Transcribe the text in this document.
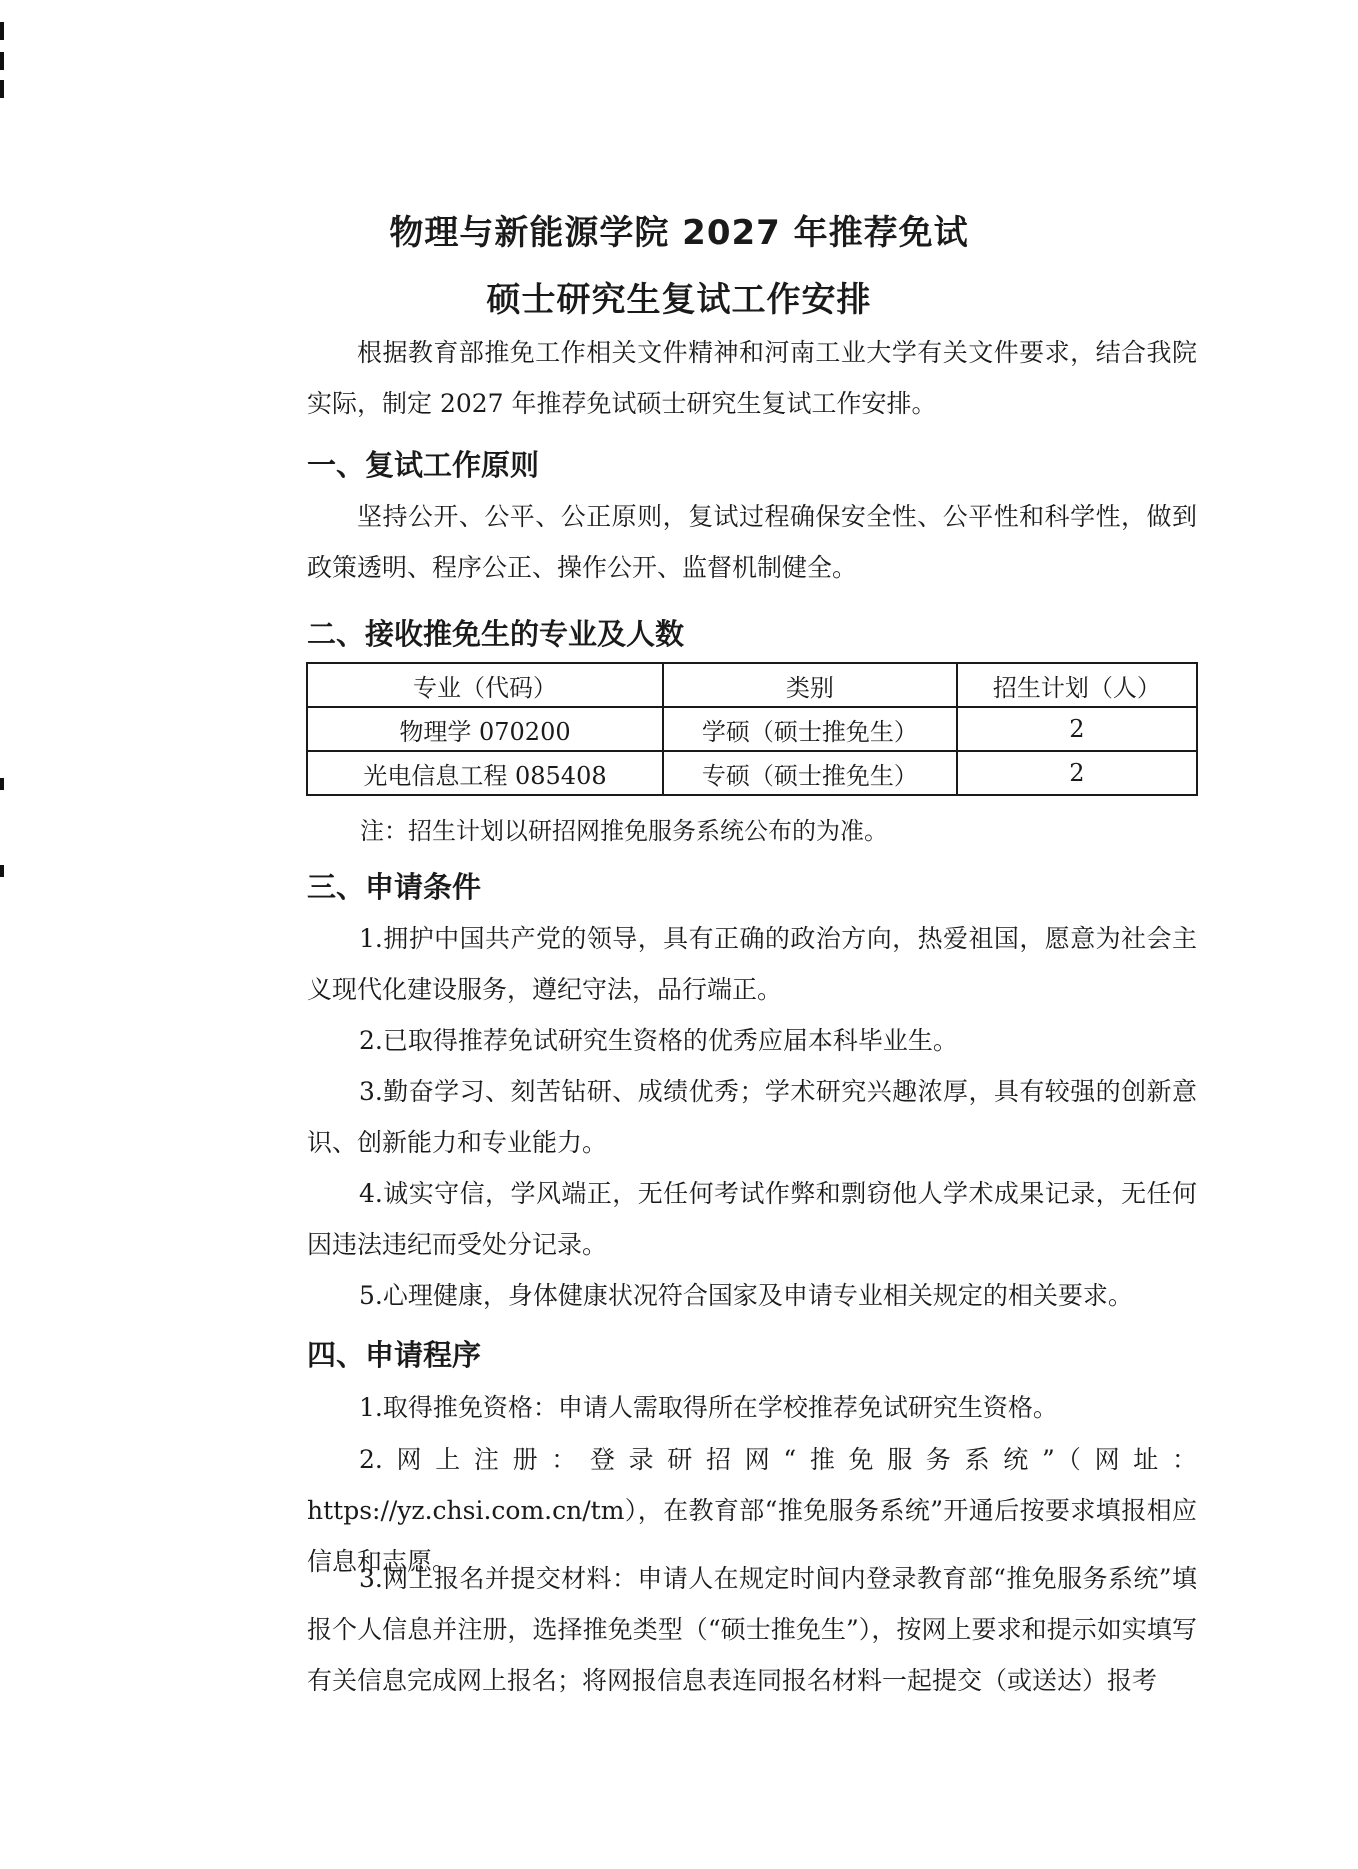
物理与新能源学院 2027 年推荐免试
硕士研究生复试工作安排

根据教育部推免工作相关文件精神和河南工业大学有关文件要求，结合我院实际，制定 2027 年推荐免试硕士研究生复试工作安排。

一、复试工作原则

坚持公开、公平、公正原则，复试过程确保安全性、公平性和科学性，做到政策透明、程序公正、操作公开、监督机制健全。

二、接收推免生的专业及人数
专业（代码）	类别	招生计划（人）
物理学 070200	学硕（硕士推免生）	2
光电信息工程 085408	专硕（硕士推免生）	2
注：招生计划以研招网推免服务系统公布的为准。
三、申请条件

1.拥护中国共产党的领导，具有正确的政治方向，热爱祖国，愿意为社会主义现代化建设服务，遵纪守法，品行端正。

2.已取得推荐免试研究生资格的优秀应届本科毕业生。

3.勤奋学习、刻苦钻研、成绩优秀；学术研究兴趣浓厚，具有较强的创新意识、创新能力和专业能力。

4.诚实守信，学风端正，无任何考试作弊和剽窃他人学术成果记录，无任何因违法违纪而受处分记录。

5.心理健康，身体健康状况符合国家及申请专业相关规定的相关要求。

四、申请程序

1.取得推免资格：申请人需取得所在学校推荐免试研究生资格。

2.网上注册：登录研招网“推免服务系统”（网址：https://yz.chsi.com.cn/tm），在教育部“推免服务系统”开通后按要求填报相应信息和志愿。

3.网上报名并提交材料：申请人在规定时间内登录教育部“推免服务系统”填报个人信息并注册，选择推免类型（“硕士推免生”），按网上要求和提示如实填写有关信息完成网上报名；将网报信息表连同报名材料一起提交（或送达）报考
